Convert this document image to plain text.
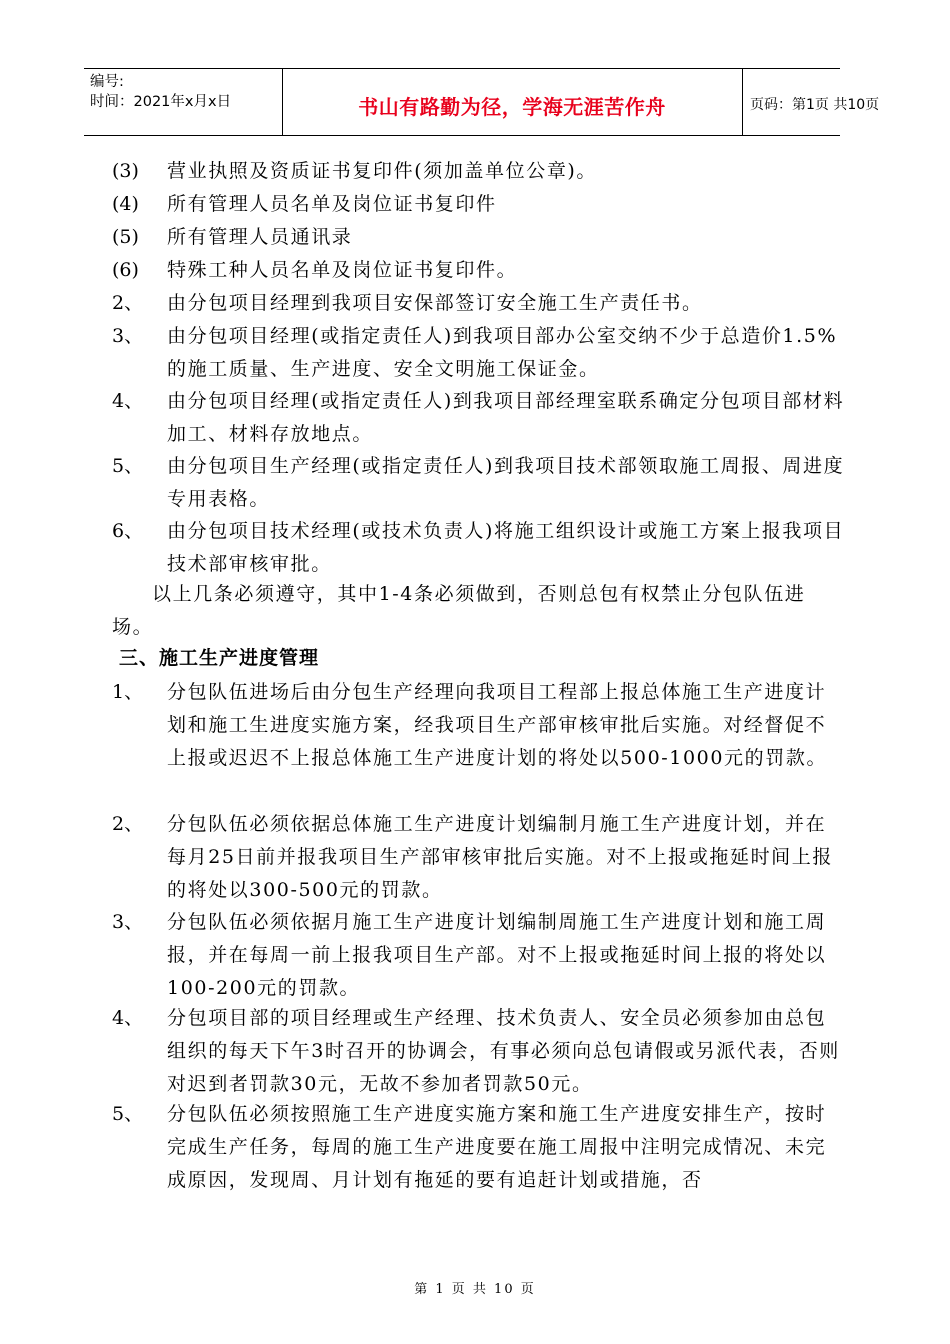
编号:
时间：2021年x月x日	书山有路勤为径，学海无涯苦作舟	页码：第1页 共10页
(3) 营业执照及资质证书复印件(须加盖单位公章)。
(4) 所有管理人员名单及岗位证书复印件
(5) 所有管理人员通讯录
(6) 特殊工种人员名单及岗位证书复印件。
2、 由分包项目经理到我项目安保部签订安全施工生产责任书。
3、 由分包项目经理(或指定责任人)到我项目部办公室交纳不少于总造价1.5%的施工质量、生产进度、安全文明施工保证金。
4、 由分包项目经理(或指定责任人)到我项目部经理室联系确定分包项目部材料加工、材料存放地点。
5、 由分包项目生产经理(或指定责任人)到我项目技术部领取施工周报、周进度专用表格。
6、 由分包项目技术经理(或技术负责人)将施工组织设计或施工方案上报我项目技术部审核审批。
以上几条必须遵守，其中1-4条必须做到，否则总包有权禁止分包队伍进场。
三、施工生产进度管理
1、 分包队伍进场后由分包生产经理向我项目工程部上报总体施工生产进度计划和施工生进度实施方案，经我项目生产部审核审批后实施。对经督促不上报或迟迟不上报总体施工生产进度计划的将处以500-1000元的罚款。
2、 分包队伍必须依据总体施工生产进度计划编制月施工生产进度计划，并在每月25日前并报我项目生产部审核审批后实施。对不上报或拖延时间上报的将处以300-500元的罚款。
3、 分包队伍必须依据月施工生产进度计划编制周施工生产进度计划和施工周报，并在每周一前上报我项目生产部。对不上报或拖延时间上报的将处以100-200元的罚款。
4、 分包项目部的项目经理或生产经理、技术负责人、安全员必须参加由总包组织的每天下午3时召开的协调会，有事必须向总包请假或另派代表，否则对迟到者罚款30元，无故不参加者罚款50元。
5、 分包队伍必须按照施工生产进度实施方案和施工生产进度安排生产，按时完成生产任务，每周的施工生产进度要在施工周报中注明完成情况、未完成原因，发现周、月计划有拖延的要有追赶计划或措施，否
第 1 页 共 10 页
